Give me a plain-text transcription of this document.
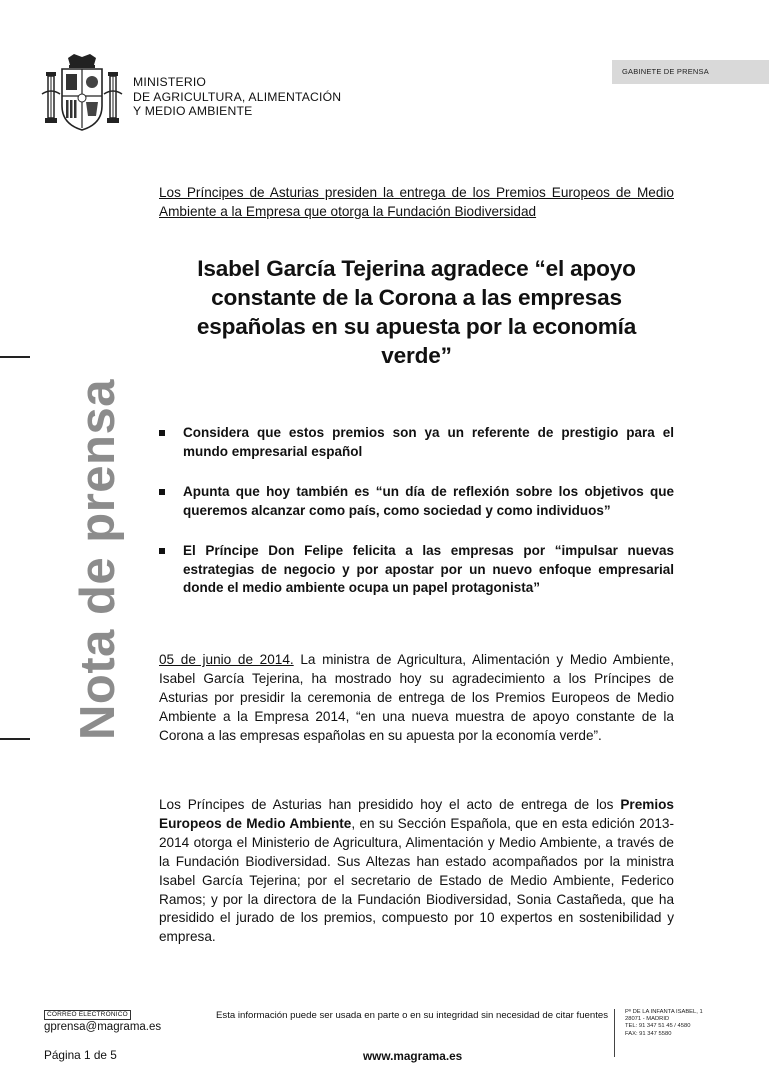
MINISTERIO
DE AGRICULTURA, ALIMENTACIÓN
Y MEDIO AMBIENTE
GABINETE DE PRENSA
Nota de prensa
Los Príncipes de Asturias presiden la entrega de los Premios Europeos de Medio Ambiente a la Empresa que otorga la Fundación Biodiversidad
Isabel García Tejerina agradece “el apoyo constante de la Corona a las empresas españolas en su apuesta por la economía verde”
Considera que estos premios son ya un referente de prestigio para el mundo empresarial español
Apunta que hoy también es “un día de reflexión sobre los objetivos que queremos alcanzar como país, como sociedad y como individuos”
El Príncipe Don Felipe felicita a las empresas por “impulsar nuevas estrategias de negocio y por apostar por un nuevo enfoque empresarial donde el medio ambiente ocupa un papel protagonista”
05 de junio de 2014. La ministra de Agricultura, Alimentación y Medio Ambiente, Isabel García Tejerina, ha mostrado hoy su agradecimiento a los Príncipes de Asturias por presidir la ceremonia de entrega de los Premios Europeos de Medio Ambiente a la Empresa 2014, “en una nueva muestra de apoyo constante de la Corona a las empresas españolas en su apuesta por la economía verde”.
Los Príncipes de Asturias han presidido hoy el acto de entrega de los Premios Europeos de Medio Ambiente, en su Sección Española, que en esta edición 2013-2014 otorga el Ministerio de Agricultura, Alimentación y Medio Ambiente, a través de la Fundación Biodiversidad. Sus Altezas han estado acompañados por la ministra Isabel García Tejerina; por el secretario de Estado de Medio Ambiente, Federico Ramos; y por la directora de la Fundación Biodiversidad, Sonia Castañeda, que ha presidido el jurado de los premios, compuesto por 10 expertos en sostenibilidad y empresa.
CORREO ELECTRÓNICO
gprensa@magrama.es
Esta información puede ser usada en parte o en su integridad sin necesidad de citar fuentes	Pº DE LA INFANTA ISABEL, 1
28071 - MADRID
TEL: 91 347 51 45 / 4580
FAX: 91 347 5580
Página 1 de 5	www.magrama.es
